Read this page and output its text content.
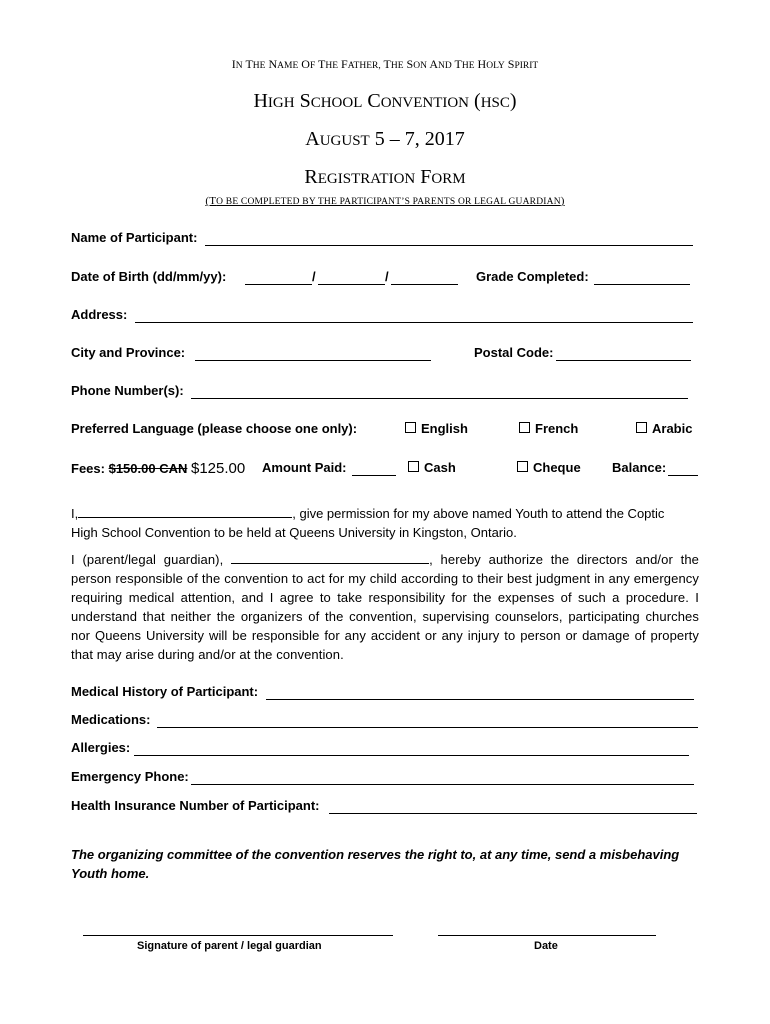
IN THE NAME OF THE FATHER, THE SON AND THE HOLY SPIRIT
HIGH SCHOOL CONVENTION (HSC)
AUGUST 5 – 7, 2017
REGISTRATION FORM
(TO BE COMPLETED BY THE PARTICIPANT’S PARENTS OR LEGAL GUARDIAN)
Name of Participant:
Date of Birth (dd/mm/yy):	/	/	Grade Completed:
Address:
City and Province:	Postal Code:
Phone Number(s):
Preferred Language (please choose one only):	English	French	Arabic
Fees: $150.00 CAN $125.00 Amount Paid:	Cash	Cheque Balance:
I,	, give permission for my above named Youth to attend the Coptic
High School Convention to be held at Queens University in Kingston, Ontario.
I (parent/legal guardian),	, hereby authorize the directors and/or the person responsible of the convention to act for my child according to their best judgment in any emergency requiring medical attention, and I agree to take responsibility for the expenses of such a procedure. I understand that neither the organizers of the convention, supervising counselors, participating churches nor Queens University will be responsible for any accident or any injury to person or damage of property that may arise during and/or at the convention.
Medical History of Participant:
Medications:
Allergies:
Emergency Phone:
Health Insurance Number of Participant:
The organizing committee of the convention reserves the right to, at any time, send a misbehaving
Youth home.
Signature of parent / legal guardian	Date
